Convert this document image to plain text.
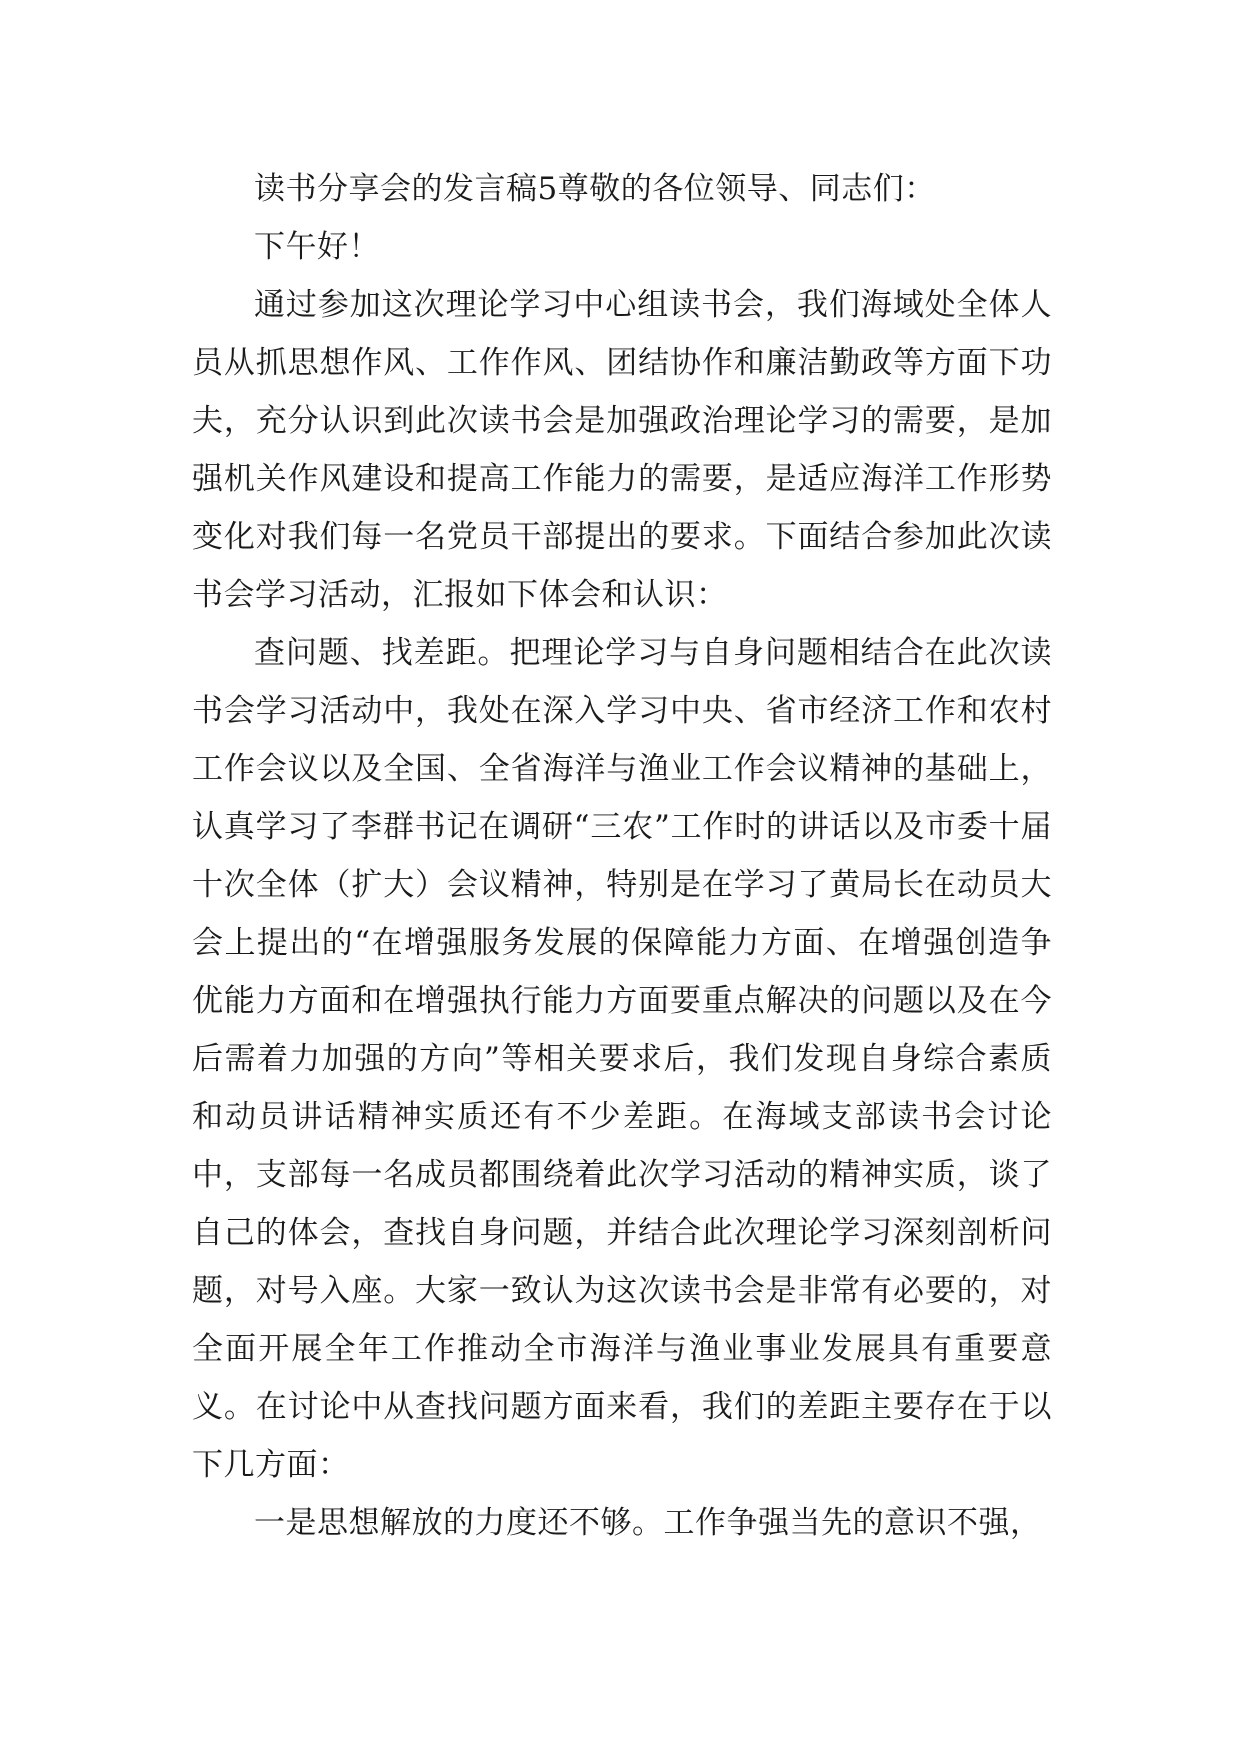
读书分享会的发言稿5尊敬的各位领导、同志们：

下午好！

通过参加这次理论学习中心组读书会，我们海域处全体人员从抓思想作风、工作作风、团结协作和廉洁勤政等方面下功夫，充分认识到此次读书会是加强政治理论学习的需要，是加强机关作风建设和提高工作能力的需要，是适应海洋工作形势变化对我们每一名党员干部提出的要求。下面结合参加此次读书会学习活动，汇报如下体会和认识：

查问题、找差距。把理论学习与自身问题相结合在此次读书会学习活动中，我处在深入学习中央、省市经济工作和农村工作会议以及全国、全省海洋与渔业工作会议精神的基础上，认真学习了李群书记在调研“三农”工作时的讲话以及市委十届十次全体（扩大）会议精神，特别是在学习了黄局长在动员大会上提出的“在增强服务发展的保障能力方面、在增强创造争优能力方面和在增强执行能力方面要重点解决的问题以及在今后需着力加强的方向”等相关要求后，我们发现自身综合素质和动员讲话精神实质还有不少差距。在海域支部读书会讨论中，支部每一名成员都围绕着此次学习活动的精神实质，谈了自己的体会，查找自身问题，并结合此次理论学习深刻剖析问题，对号入座。大家一致认为这次读书会是非常有必要的，对全面开展全年工作推动全市海洋与渔业事业发展具有重要意义。在讨论中从查找问题方面来看，我们的差距主要存在于以下几方面：

一是思想解放的力度还不够。工作争强当先的意识不强，
